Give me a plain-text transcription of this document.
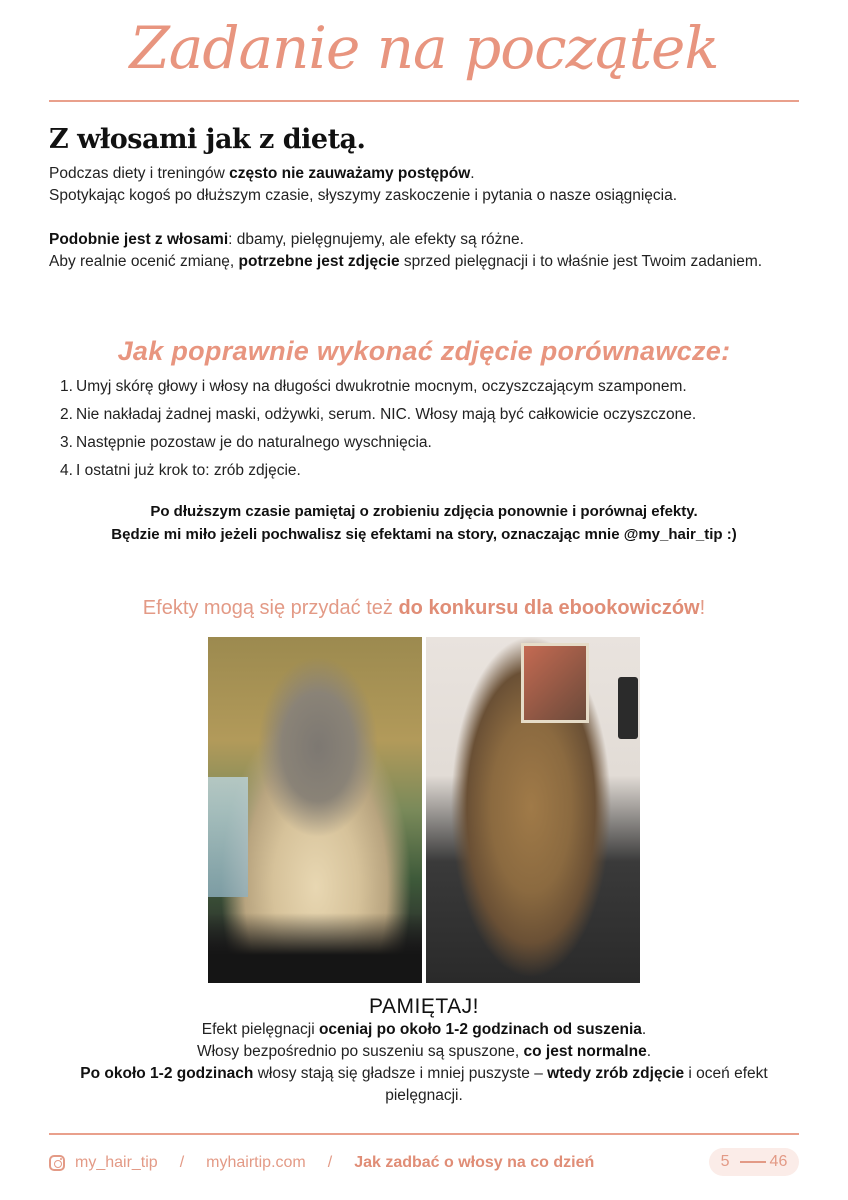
Zadanie na początek
Z włosami jak z dietą.
Podczas diety i treningów często nie zauważamy postępów.
Spotykając kogoś po dłuższym czasie, słyszymy zaskoczenie i pytania o nasze osiągnięcia.
Podobnie jest z włosami: dbamy, pielęgnujemy, ale efekty są różne.
Aby realnie ocenić zmianę, potrzebne jest zdjęcie sprzed pielęgnacji i to właśnie jest Twoim zadaniem.
Jak poprawnie wykonać zdjęcie porównawcze:
1. Umyj skórę głowy i włosy na długości dwukrotnie mocnym, oczyszczającym szamponem.
2. Nie nakładaj żadnej maski, odżywki, serum. NIC. Włosy mają być całkowicie oczyszczone.
3. Następnie pozostaw je do naturalnego wyschnięcia.
4. I ostatni już krok to: zrób zdjęcie.
Po dłuższym czasie pamiętaj o zrobieniu zdjęcia ponownie i porównaj efekty.
Będzie mi miło jeżeli pochwalisz się efektami na story, oznaczając mnie @my_hair_tip :)
Efekty mogą się przydać też do konkursu dla ebookowiczów!
PAMIĘTAJ!
Efekt pielęgnacji oceniaj po około 1-2 godzinach od suszenia.
Włosy bezpośrednio po suszeniu są spuszone, co jest normalne.
Po około 1-2 godzinach włosy stają się gładsze i mniej puszyste – wtedy zrób zdjęcie i oceń efekt pielęgnacji.
my_hair_tip / myhairtip.com / Jak zadbać o włosy na co dzień	5	46
